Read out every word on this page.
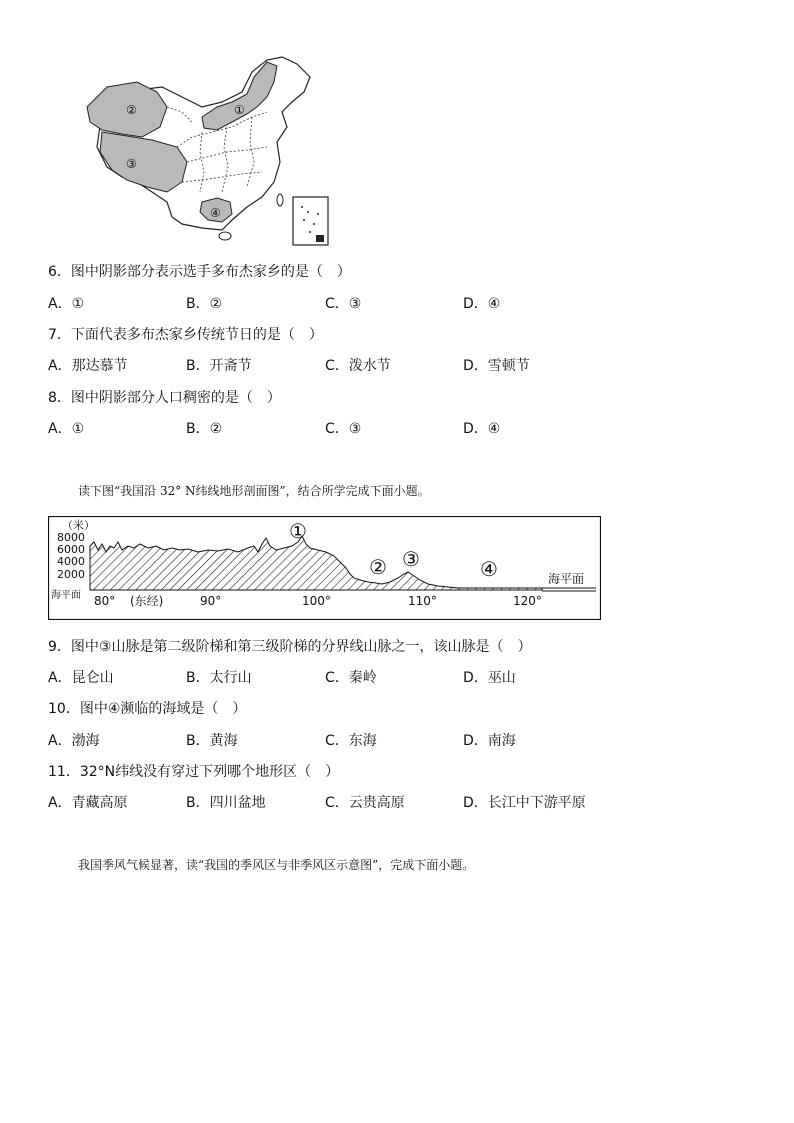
②
③
①
④
6．图中阴影部分表示选手多布杰家乡的是（　）
A．①	B．②	C．③	D．④
7．下面代表多布杰家乡传统节日的是（　）
A．那达慕节	B．开斋节	C．泼水节	D．雪顿节
8．图中阴影部分人口稠密的是（　）
A．①	B．②	C．③	D．④
读下图“我国沿 32° N纬线地形剖面图”，结合所学完成下面小题。
（米）
8000
6000
4000
2000
海平面
海平面
①
② ③	④
80° (东经)	90°	100°	110°	120°
9．图中③山脉是第二级阶梯和第三级阶梯的分界线山脉之一，该山脉是（　）
A．昆仑山	B．太行山	C．秦岭	D．巫山
10．图中④濒临的海域是（　）
A．渤海	B．黄海	C．东海	D．南海
11．32°N纬线没有穿过下列哪个地形区（　）
A．青藏高原	B．四川盆地	C．云贵高原	D．长江中下游平原
我国季风气候显著，读“我国的季风区与非季风区示意图”，完成下面小题。
